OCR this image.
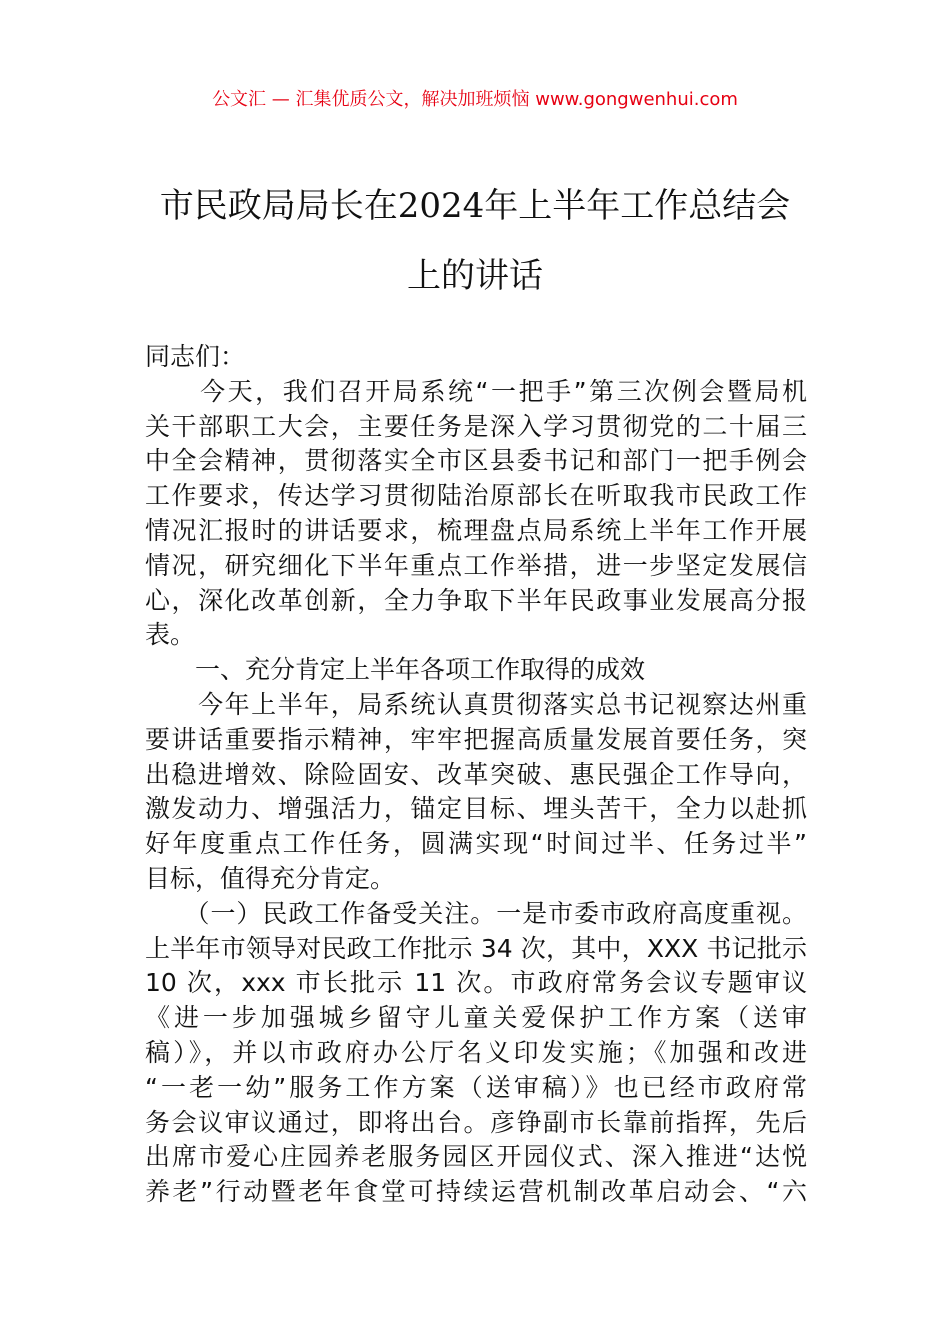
公文汇 — 汇集优质公文，解决加班烦恼 www.gongwenhui.com
市民政局局长在2024年上半年工作总结会
上的讲话
同志们：
　　今天，我们召开局系统“一把手”第三次例会暨局机
关干部职工大会，主要任务是深入学习贯彻党的二十届三
中全会精神，贯彻落实全市区县委书记和部门一把手例会
工作要求，传达学习贯彻陆治原部长在听取我市民政工作
情况汇报时的讲话要求，梳理盘点局系统上半年工作开展
情况，研究细化下半年重点工作举措，进一步坚定发展信
心，深化改革创新，全力争取下半年民政事业发展高分报
表。
　　一、充分肯定上半年各项工作取得的成效
　　今年上半年，局系统认真贯彻落实总书记视察达州重
要讲话重要指示精神，牢牢把握高质量发展首要任务，突
出稳进增效、除险固安、改革突破、惠民强企工作导向，
激发动力、增强活力，锚定目标、埋头苦干，全力以赴抓
好年度重点工作任务，圆满实现“时间过半、任务过半”
目标，值得充分肯定。
　　（一）民政工作备受关注。一是市委市政府高度重视。
上半年市领导对民政工作批示 34 次，其中，XXX 书记批示
10 次，xxx 市长批示 11 次。市政府常务会议专题审议
《进一步加强城乡留守儿童关爱保护工作方案（送审
稿）》，并以市政府办公厅名义印发实施；《加强和改进
“一老一幼”服务工作方案（送审稿）》也已经市政府常
务会议审议通过，即将出台。彦铮副市长靠前指挥，先后
出席市爱心庄园养老服务园区开园仪式、深入推进“达悦
养老”行动暨老年食堂可持续运营机制改革启动会、“六
